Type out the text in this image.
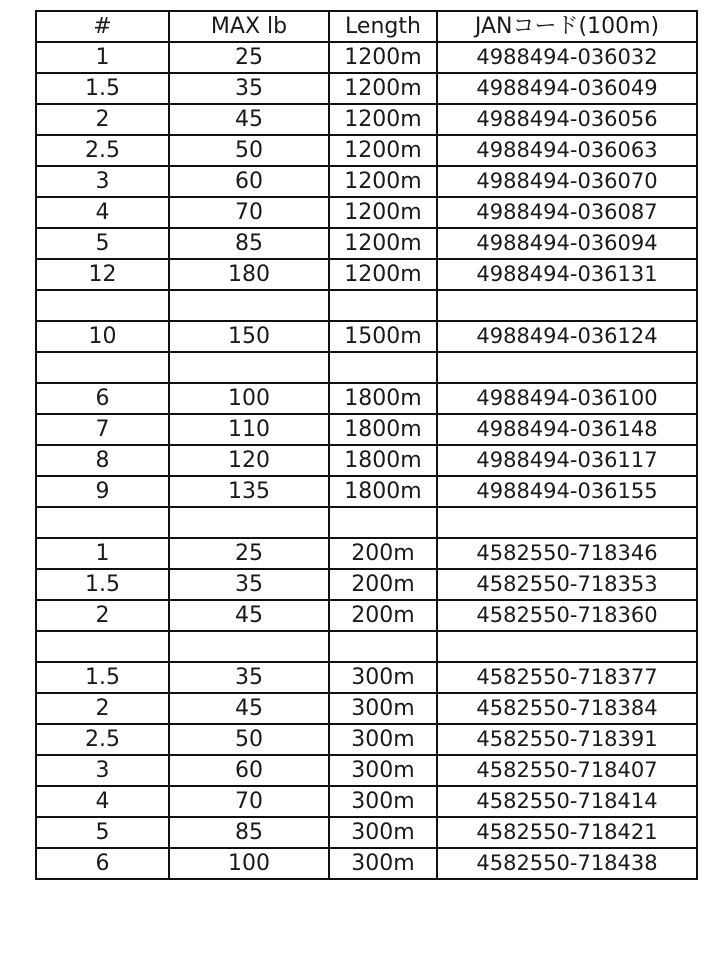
#	MAX lb	Length	JANコード(100m)
1	25	1200m	4988494-036032
1.5	35	1200m	4988494-036049
2	45	1200m	4988494-036056
2.5	50	1200m	4988494-036063
3	60	1200m	4988494-036070
4	70	1200m	4988494-036087
5	85	1200m	4988494-036094
12	180	1200m	4988494-036131

10	150	1500m	4988494-036124

6	100	1800m	4988494-036100
7	110	1800m	4988494-036148
8	120	1800m	4988494-036117
9	135	1800m	4988494-036155

1	25	200m	4582550-718346
1.5	35	200m	4582550-718353
2	45	200m	4582550-718360

1.5	35	300m	4582550-718377
2	45	300m	4582550-718384
2.5	50	300m	4582550-718391
3	60	300m	4582550-718407
4	70	300m	4582550-718414
5	85	300m	4582550-718421
6	100	300m	4582550-718438
